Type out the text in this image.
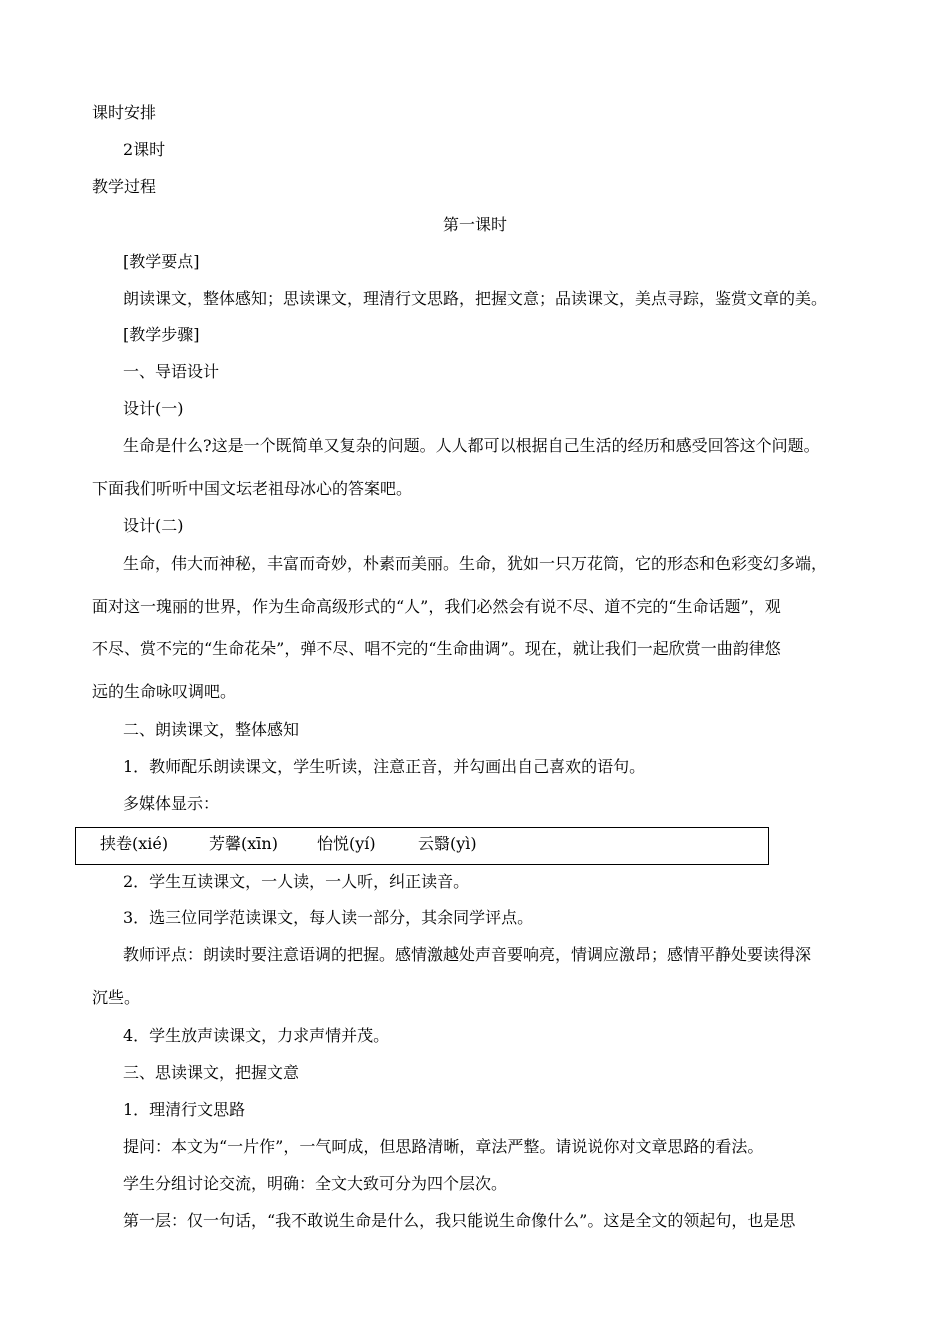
课时安排
2课时
教学过程
第一课时
[教学要点]
朗读课文，整体感知；思读课文，理清行文思路，把握文意；品读课文，美点寻踪，鉴赏文章的美。
[教学步骤]
一、导语设计
设计(一)
生命是什么?这是一个既简单又复杂的问题。人人都可以根据自己生活的经历和感受回答这个问题。
下面我们听听中国文坛老祖母冰心的答案吧。
设计(二)
生命，伟大而神秘，丰富而奇妙，朴素而美丽。生命，犹如一只万花筒，它的形态和色彩变幻多端，
面对这一瑰丽的世界，作为生命高级形式的“人”，我们必然会有说不尽、道不完的“生命话题”，观
不尽、赏不完的“生命花朵”，弹不尽、唱不完的“生命曲调”。现在，就让我们一起欣赏一曲韵律悠
远的生命咏叹调吧。
二、朗读课文，整体感知
1．教师配乐朗读课文，学生听读，注意正音，并勾画出自己喜欢的语句。
多媒体显示：
挟卷(xié)	芳馨(xīn) 怡悦(yí)	云翳(yì)
2．学生互读课文，一人读，一人听，纠正读音。
3．选三位同学范读课文，每人读一部分，其余同学评点。
教师评点：朗读时要注意语调的把握。感情激越处声音要响亮，情调应激昂；感情平静处要读得深
沉些。
4．学生放声读课文，力求声情并茂。
三、思读课文，把握文意
1．理清行文思路
提问：本文为“一片作”，一气呵成，但思路清晰，章法严整。请说说你对文章思路的看法。
学生分组讨论交流，明确：全文大致可分为四个层次。
第一层：仅一句话，“我不敢说生命是什么，我只能说生命像什么”。这是全文的领起句，也是思
